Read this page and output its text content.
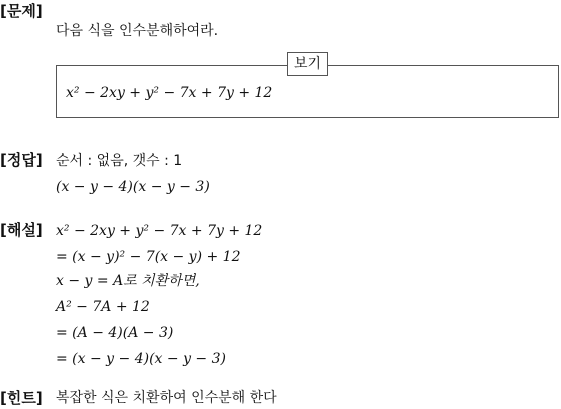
[문제]
다음 식을 인수분해하여라.
보기
x² − 2xy + y² − 7x + 7y + 12
[정답] 순서 : 없음, 갯수 : 1
(x − y − 4)(x − y − 3)
[해설] x² − 2xy + y² − 7x + 7y + 12
= (x − y)² − 7(x − y) + 12
x − y = A로 치환하면,
A² − 7A + 12
= (A − 4)(A − 3)
= (x − y − 4)(x − y − 3)
[힌트] 복잡한 식은 치환하여 인수분해 한다
